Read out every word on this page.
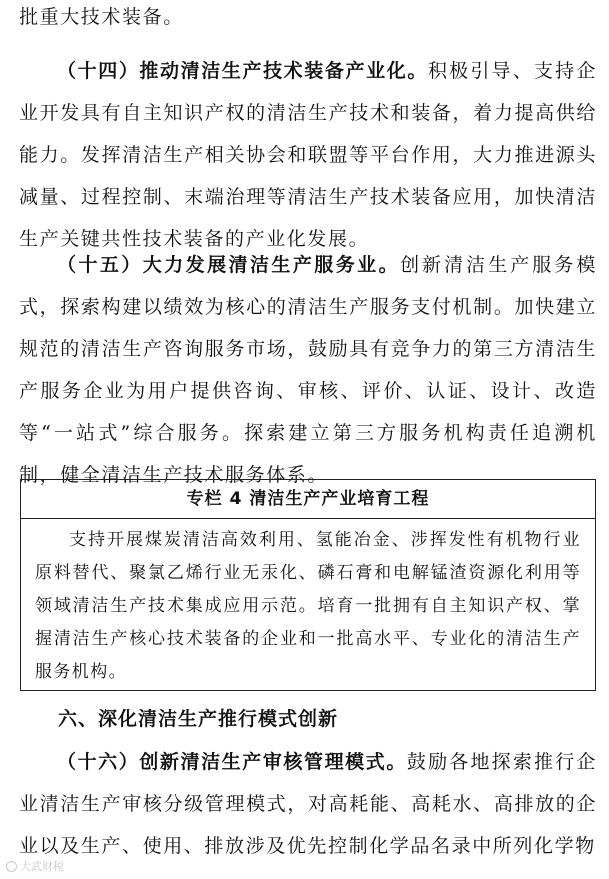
批重大技术装备。

（十四）推动清洁生产技术装备产业化。积极引导、支持企业开发具有自主知识产权的清洁生产技术和装备，着力提高供给能力。发挥清洁生产相关协会和联盟等平台作用，大力推进源头减量、过程控制、末端治理等清洁生产技术装备应用，加快清洁生产关键共性技术装备的产业化发展。

（十五）大力发展清洁生产服务业。创新清洁生产服务模式，探索构建以绩效为核心的清洁生产服务支付机制。加快建立规范的清洁生产咨询服务市场，鼓励具有竞争力的第三方清洁生产服务企业为用户提供咨询、审核、评价、认证、设计、改造等“一站式”综合服务。探索建立第三方服务机构责任追溯机制，健全清洁生产技术服务体系。

专栏 4 清洁生产产业培育工程
支持开展煤炭清洁高效利用、氢能冶金、涉挥发性有机物行业原料替代、聚氯乙烯行业无汞化、磷石膏和电解锰渣资源化利用等领域清洁生产技术集成应用示范。培育一批拥有自主知识产权、掌握清洁生产核心技术装备的企业和一批高水平、专业化的清洁生产服务机构。
六、深化清洁生产推行模式创新

（十六）创新清洁生产审核管理模式。鼓励各地探索推行企业清洁生产审核分级管理模式，对高耗能、高耗水、高排放的企业以及生产、使用、排放涉及优先控制化学品名录中所列化学物

大武财税
